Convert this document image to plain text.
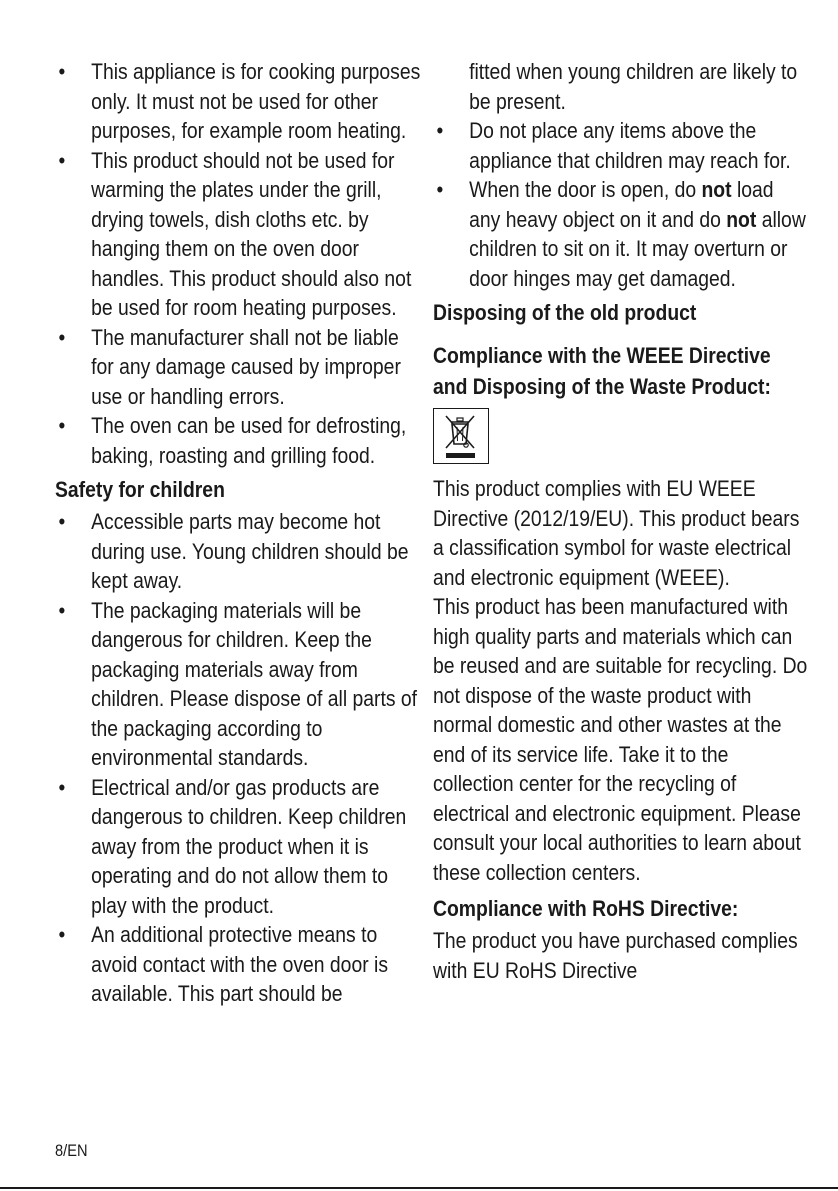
• This appliance is for cooking purposes only. It must not be used for other purposes, for example room heating.
• This product should not be used for warming the plates under the grill, drying towels, dish cloths etc. by hanging them on the oven door handles. This product should also not be used for room heating purposes.
• The manufacturer shall not be liable for any damage caused by improper use or handling errors.
• The oven can be used for defrosting, baking, roasting and grilling food.
Safety for children
• Accessible parts may become hot during use. Young children should be kept away.
• The packaging materials will be dangerous for children. Keep the packaging materials away from children. Please dispose of all parts of the packaging according to environmental standards.
• Electrical and/or gas products are dangerous to children. Keep children away from the product when it is operating and do not allow them to play with the product.
• An additional protective means to avoid contact with the oven door is available. This part should be
fitted when young children are likely to be present.
• Do not place any items above the appliance that children may reach for.
• When the door is open, do not load any heavy object on it and do not allow children to sit on it. It may overturn or door hinges may get damaged.
Disposing of the old product
Compliance with the WEEE Directive and Disposing of the Waste Product:
This product complies with EU WEEE Directive (2012/19/EU). This product bears a classification symbol for waste electrical and electronic equipment (WEEE).
This product has been manufactured with high quality parts and materials which can be reused and are suitable for recycling. Do not dispose of the waste product with normal domestic and other wastes at the end of its service life. Take it to the collection center for the recycling of electrical and electronic equipment. Please consult your local authorities to learn about these collection centers.
Compliance with RoHS Directive:
The product you have purchased complies with EU RoHS Directive
8/EN
